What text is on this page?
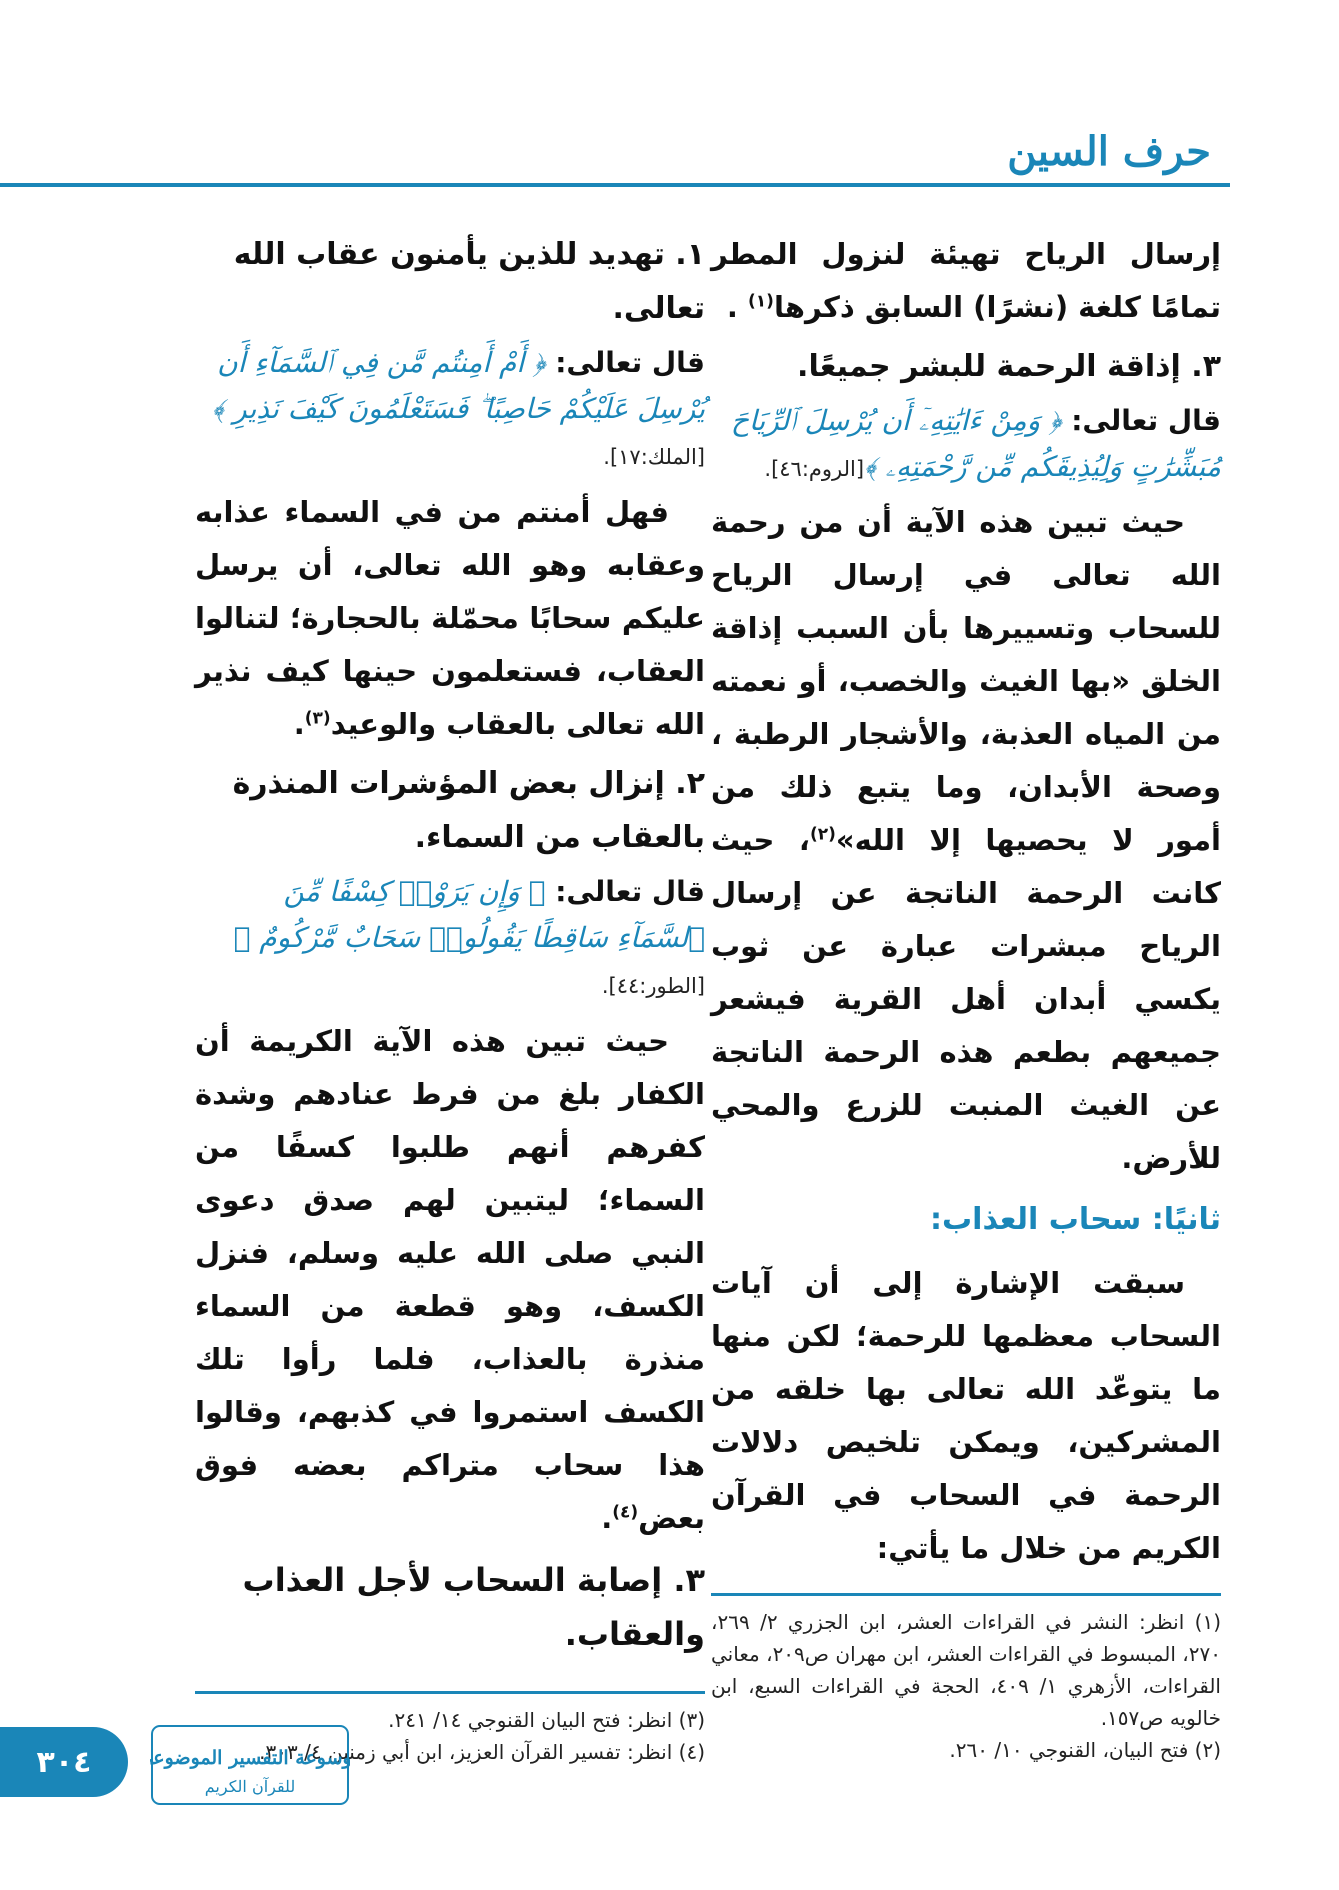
حرف السين

إرسال الرياح تهيئة لنزول المطر تمامًا كلغة (نشرًا) السابق ذكرها$^{(١)}$ .

٣. إذاقة الرحمة للبشر جميعًا.

قال تعالى: ﴿ وَمِنْ ءَايَٰتِهِۦٓ أَن يُرْسِلَ ٱلرِّيَاحَ مُبَشِّرَٰتٍ وَلِيُذِيقَكُم مِّن رَّحْمَتِهِۦ ﴾[الروم:٤٦].

حيث تبين هذه الآية أن من رحمة الله تعالى في إرسال الرياح للسحاب وتسييرها بأن السبب إذاقة الخلق «بها الغيث والخصب، أو نعمته من المياه العذبة، والأشجار الرطبة ، وصحة الأبدان، وما يتبع ذلك من أمور لا يحصيها إلا الله»$^{(٢)}$، حيث كانت الرحمة الناتجة عن إرسال الرياح مبشرات عبارة عن ثوب يكسي أبدان أهل القرية فيشعر جميعهم بطعم هذه الرحمة الناتجة عن الغيث المنبت للزرع والمحي للأرض.

ثانيًا: سحاب العذاب:

سبقت الإشارة إلى أن آيات السحاب معظمها للرحمة؛ لكن منها ما يتوعّد الله تعالى بها خلقه من المشركين، ويمكن تلخيص دلالات الرحمة في السحاب في القرآن الكريم من خلال ما يأتي:

(١) انظر: النشر في القراءات العشر، ابن الجزري ٢/ ٢٦٩، ٢٧٠، المبسوط في القراءات العشر، ابن مهران ص٢٠٩، معاني القراءات، الأزهري ١/ ٤٠٩، الحجة في القراءات السبع، ابن خالويه ص١٥٧.

(٢) فتح البيان، القنوجي ١٠/ ٢٦٠.

١. تهديد للذين يأمنون عقاب الله تعالى.

قال تعالى: ﴿ أَمْ أَمِنتُم مَّن فِي ٱلسَّمَآءِ أَن يُرْسِلَ عَلَيْكُمْ حَاصِبًا ۖ فَسَتَعْلَمُونَ كَيْفَ نَذِيرِ ﴾[الملك:١٧].

فهل أمنتم من في السماء عذابه وعقابه وهو الله تعالى، أن يرسل عليكم سحابًا محمّلة بالحجارة؛ لتنالوا العقاب، فستعلمون حينها كيف نذير الله تعالى بالعقاب والوعيد$^{(٣)}$.

٢. إنزال بعض المؤشرات المنذرة بالعقاب من السماء.

قال تعالى: ﴿ وَإِن يَرَوْا۟ كِسْفًا مِّنَ ٱلسَّمَآءِ سَاقِطًا يَقُولُوا۟ سَحَابٌ مَّرْكُومٌ ﴾[الطور:٤٤].

حيث تبين هذه الآية الكريمة أن الكفار بلغ من فرط عنادهم وشدة كفرهم أنهم طلبوا كسفًا من السماء؛ ليتبين لهم صدق دعوى النبي صلى الله عليه وسلم، فنزل الكسف، وهو قطعة من السماء منذرة بالعذاب، فلما رأوا تلك الكسف استمروا في كذبهم، وقالوا هذا سحاب متراكم بعضه فوق بعض$^{(٤)}$.

٣. إصابة السحاب لأجل العذاب والعقاب.

(٣) انظر: فتح البيان القنوجي ١٤/ ٢٤١.

(٤) انظر: تفسير القرآن العزيز، ابن أبي زمنين ٤/ ٣٠٣.

٣٠٤	وسوعة التفسير الموضوع
للقرآن الكريم
